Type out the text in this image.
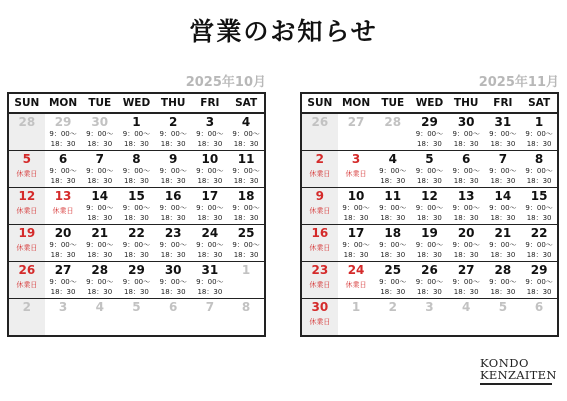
営業のお知らせ
2025年10月
SUN	MON	TUE	WED	THU	FRI	SAT

28	29
9：00～
18：30	30
9：00～
18：30	1
9：00～
18：30	2
9：00～
18：30	3
9：00～
18：30	4
9：00～
18：30

5
休業日	6
9：00～
18：30	7
9：00～
18：30	8
9：00～
18：30	9
9：00～
18：30	10
9：00～
18：30	11
9：00～
18：30

12
休業日	13
休業日	14
9：00～
18：30	15
9：00～
18：30	16
9：00～
18：30	17
9：00～
18：30	18
9：00～
18：30

19
休業日	20
9：00～
18：30	21
9：00～
18：30	22
9：00～
18：30	23
9：00～
18：30	24
9：00～
18：30	25
9：00～
18：30

26
休業日	27
9：00～
18：30	28
9：00～
18：30	29
9：00～
18：30	30
9：00～
18：30	31
9：00～
18：30	1

2	3	4	5	6	7	8
2025年11月
SUN	MON	TUE	WED	THU	FRI	SAT

26	27	28	29
9：00～
18：30	30
9：00～
18：30	31
9：00～
18：30	1
9：00～
18：30

2
休業日	3
休業日	4
9：00～
18：30	5
9：00～
18：30	6
9：00～
18：30	7
9：00～
18：30	8
9：00～
18：30

9
休業日	10
9：00～
18：30	11
9：00～
18：30	12
9：00～
18：30	13
9：00～
18：30	14
9：00～
18：30	15
9：00～
18：30

16
休業日	17
9：00～
18：30	18
9：00～
18：30	19
9：00～
18：30	20
9：00～
18：30	21
9：00～
18：30	22
9：00～
18：30

23
休業日	24
休業日	25
9：00～
18：30	26
9：00～
18：30	27
9：00～
18：30	28
9：00～
18：30	29
9：00～
18：30

30
休業日	1	2	3	4	5	6
KONDO
KENZAITEN
